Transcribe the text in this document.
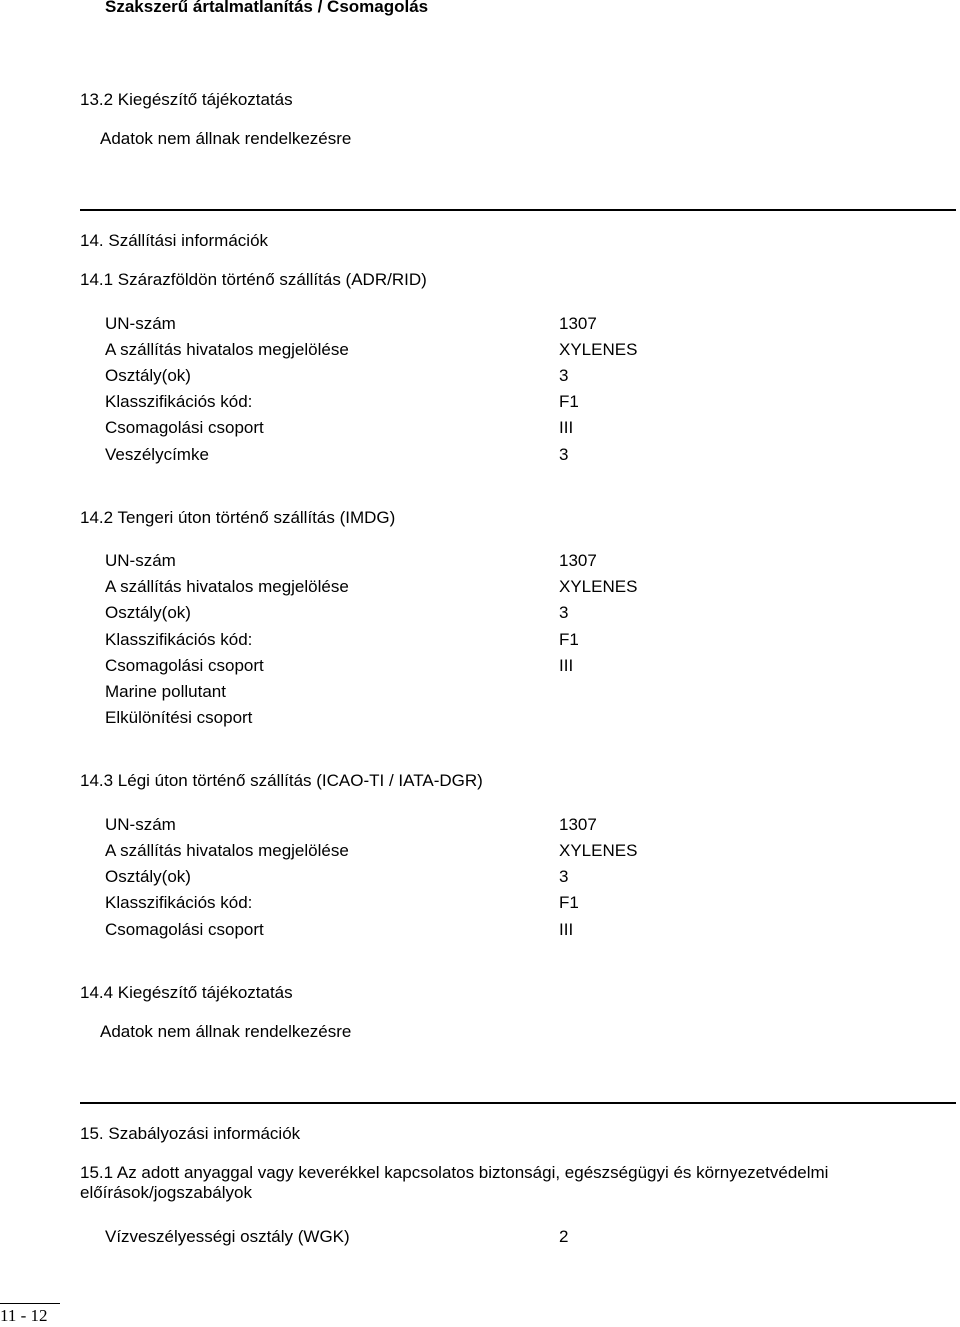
Szakszerű ártalmatlanítás / Csomagolás
13.2 Kiegészítő tájékoztatás
Adatok nem állnak rendelkezésre
14. Szállítási információk
14.1 Szárazföldön történő szállítás (ADR/RID)
UN-szám	1307
A szállítás hivatalos megjelölése	XYLENES
Osztály(ok)	3
Klasszifikációs kód:	F1
Csomagolási csoport	III
Veszélycímke	3
14.2 Tengeri úton történő szállítás (IMDG)
UN-szám	1307
A szállítás hivatalos megjelölése	XYLENES
Osztály(ok)	3
Klasszifikációs kód:	F1
Csomagolási csoport	III
Marine pollutant
Elkülönítési csoport
14.3 Légi úton történő szállítás (ICAO-TI / IATA-DGR)
UN-szám	1307
A szállítás hivatalos megjelölése	XYLENES
Osztály(ok)	3
Klasszifikációs kód:	F1
Csomagolási csoport	III
14.4 Kiegészítő tájékoztatás
Adatok nem állnak rendelkezésre
15. Szabályozási információk
15.1 Az adott anyaggal vagy keverékkel kapcsolatos biztonsági, egészségügyi és környezetvédelmi
előírások/jogszabályok
Vízveszélyességi osztály (WGK)	2
11 - 12
